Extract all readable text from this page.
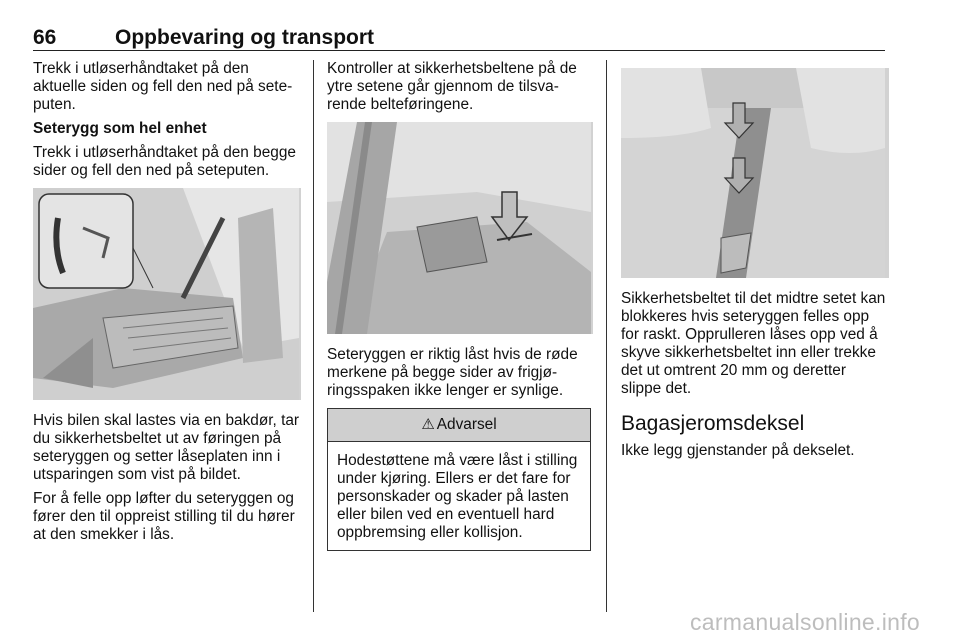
66	Oppbevaring og transport

Trekk i utløserhåndtaket på den aktuelle siden og fell den ned på seteputen.

Seterygg som hel enhet

Trekk i utløserhåndtaket på den begge sider og fell den ned på seteputen.

Hvis bilen skal lastes via en bakdør, tar du sikkerhetsbeltet ut av føringen på seteryggen og setter låseplaten inn i utsparingen som vist på bildet.

For å felle opp løfter du seteryggen og fører den til oppreist stilling til du hører at den smekker i lås.

Kontroller at sikkerhetsbeltene på de ytre setene går gjennom de tilsvarende belteføringene.

Seteryggen er riktig låst hvis de røde merkene på begge sider av frigjøringsspaken ikke lenger er synlige.

⚠ Advarsel
Hodestøttene må være låst i stilling under kjøring. Ellers er det fare for personskader og skader på lasten eller bilen ved en eventuell hard oppbremsing eller kollisjon.

Sikkerhetsbeltet til det midtre setet kan blokkeres hvis seteryggen felles opp for raskt. Opprulleren låses opp ved å skyve sikkerhetsbeltet inn eller trekke det ut omtrent 20 mm og deretter slippe det.

Bagasjeromsdeksel

Ikke legg gjenstander på dekselet.

carmanualsonline.info
